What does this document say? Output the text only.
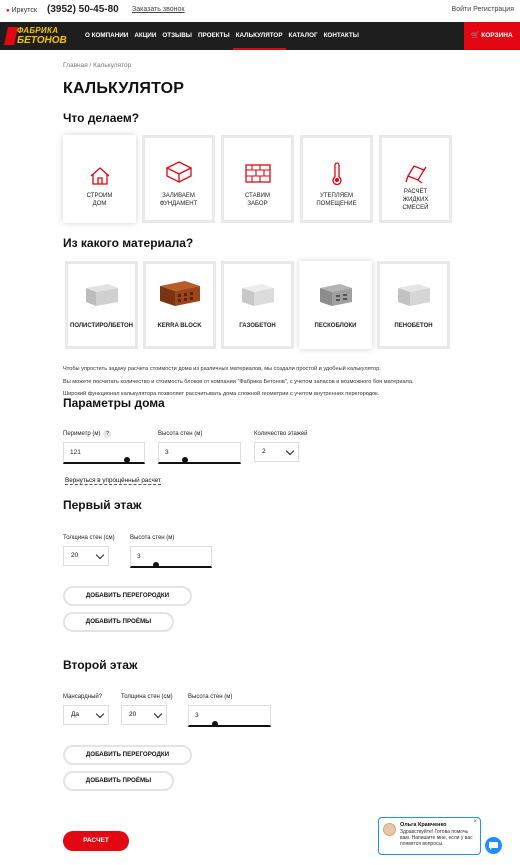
● Иркутск (3952) 50-45-80 Заказать звонок	Войти Регистрация
ФАБРИКА
БЕТОНОВ	О КОМПАНИИ АКЦИИ ОТЗЫВЫ ПРОЕКТЫ КАЛЬКУЛЯТОР КАТАЛОГ КОНТАКТЫ	🛒 КОРЗИНА
Главная / Калькулятор
КАЛЬКУЛЯТОР
Что делаем?
СТРОИМ
ДОМ
ЗАЛИВАЕМ
ФУНДАМЕНТ
СТАВИМ
ЗАБОР
УТЕПЛЯЕМ
ПОМЕЩЕНИЕ
РАСЧЁТ
ЖИДКИХ
СМЕСЕЙ
Из какого материала?
ПОЛИСТИРОЛБЕТОН	KERRA BLOCK	ГАЗОБЕТОН	ПЕСКОБЛОКИ	ПЕНОБЕТОН
Чтобы упростить задачу расчета стоимости дома из различных материалов, мы создали простой и удобный калькулятор.
Вы можете посчитать количество и стоимость блоков от компании "Фабрика Бетонов", с учетом запасов и возможного боя материала.
Широкий функционал калькулятора позволяет рассчитывать дома сложной геометрии с учетом внутренних перегородок.
Параметры дома
Периметр (м) ?
121
Высота стен (м)
3
Количество этажей
2
Вернуться в упрощённый расчет
Первый этаж
Толщина стен (см)
20
Высота стен (м)
3
ДОБАВИТЬ ПЕРЕГОРОДКИ
ДОБАВИТЬ ПРОЁМЫ
Второй этаж
Мансардный?
Да
Толщина стен (см)
20
Высота стен (м)
3
ДОБАВИТЬ ПЕРЕГОРОДКИ
ДОБАВИТЬ ПРОЁМЫ
РАСЧЕТ
Ольга Кравченко
Здравствуйте! Готова помочь вам. Напишите мне, если у вас появятся вопросы.
×
